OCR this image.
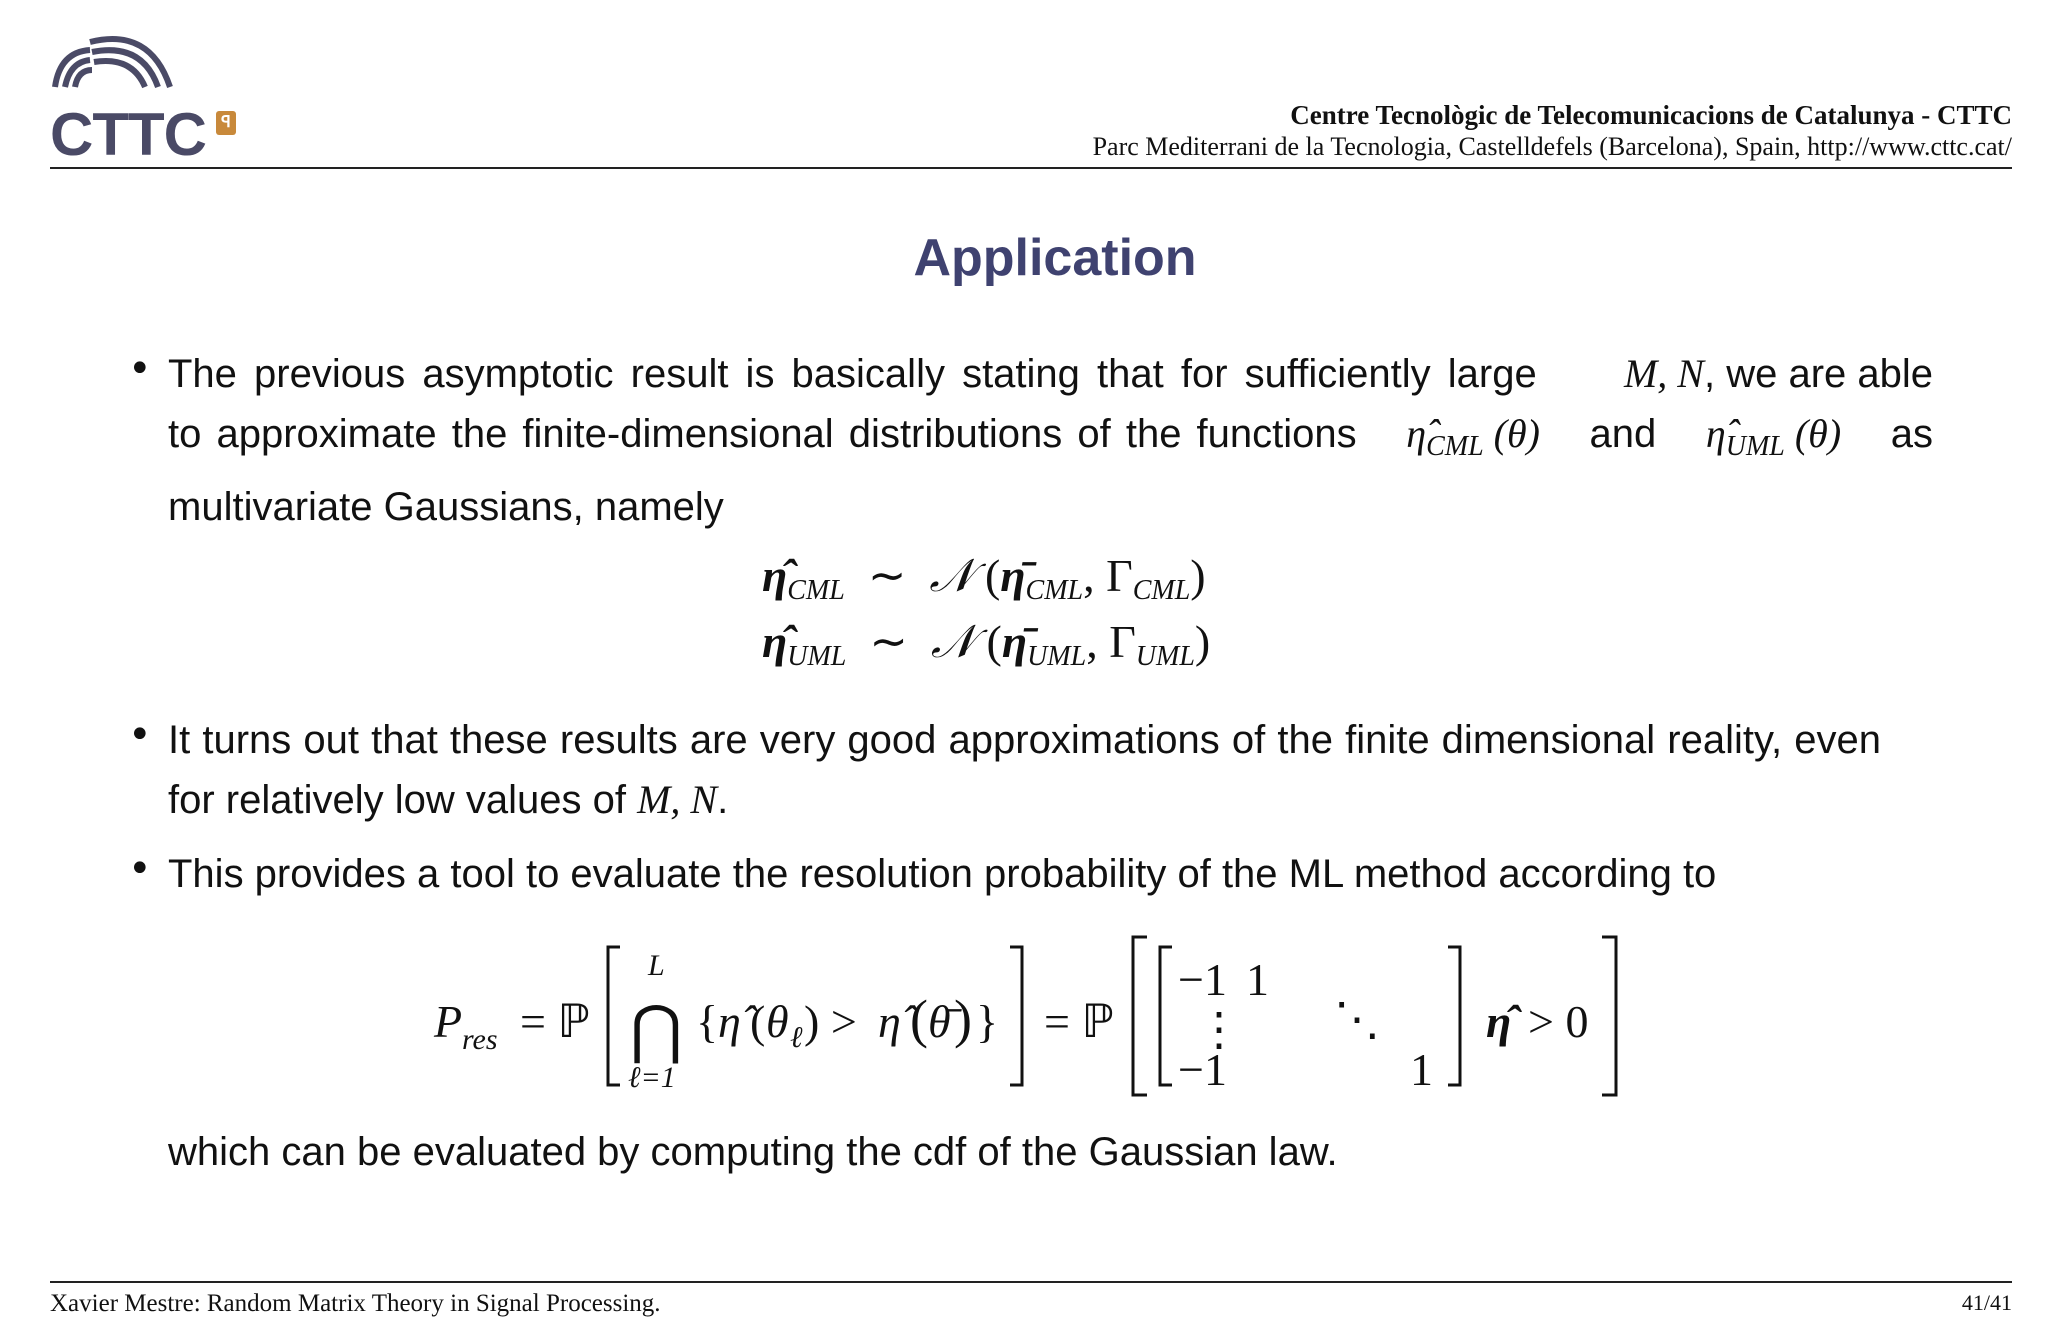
CTTC ꟼ	Centre Tecnològic de Telecomunicacions de Catalunya - CTTC
Parc Mediterrani de la Tecnologia, Castelldefels (Barcelona), Spain, http://www.cttc.cat/
Application
• The previous asymptotic result is basically stating that for sufficiently large M, N, we are able
to approximate the finite-dimensional distributions of the functions $\etâ_{CML}$ (θ) and $\etâ_{UML}$ (θ) as
multivariate Gaussians, namely
$\etâ_{CML}$  ∼  𝒩 ($\etā_{CML}$, $\Gamma_{CML}$)
$\etâ_{UML}$  ∼  𝒩 ($\etā_{UML}$, $\Gamma_{UML}$)
• It turns out that these results are very good approximations of the finite dimensional reality, even
for relatively low values of M, N.
• This provides a tool to evaluate the resolution probability of the ML method according to
P res = ℙ
L
⋂
ℓ=1
{ η̂ ( θ ℓ ) > η̂ ( θ̄ ) } = ℙ
−1 1
⋮ ⋱
−1	1
η̂ > 0
which can be evaluated by computing the cdf of the Gaussian law.
Xavier Mestre: Random Matrix Theory in Signal Processing.	41/41
